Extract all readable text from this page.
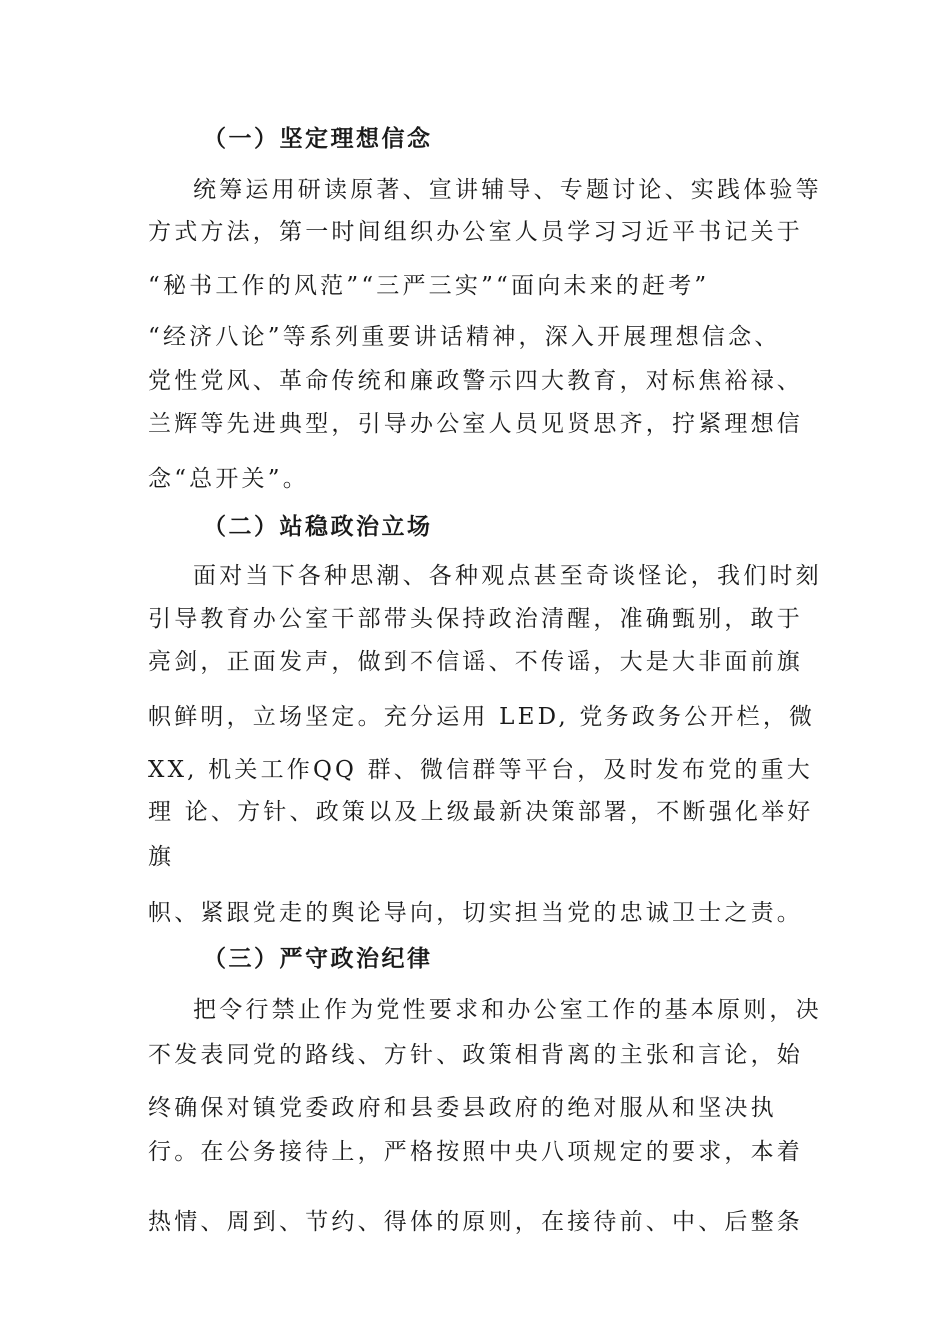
（一）坚定理想信念
统筹运用研读原著、宣讲辅导、专题讨论、实践体验等
方式方法，第一时间组织办公室人员学习习近平书记关于
“秘书工作的风范”“三严三实”“面向未来的赶考”
“经济八论”等系列重要讲话精神，深入开展理想信念、
党性党风、革命传统和廉政警示四大教育，对标焦裕禄、
兰辉等先进典型，引导办公室人员见贤思齐，拧紧理想信
念“总开关”。
（二）站稳政治立场
面对当下各种思潮、各种观点甚至奇谈怪论，我们时刻
引导教育办公室干部带头保持政治清醒，准确甄别，敢于
亮剑，正面发声，做到不信谣、不传谣，大是大非面前旗
帜鲜明，立场坚定。充分运用 LED, 党务政务公开栏，微
XX, 机关工作QQ 群、微信群等平台，及时发布党的重大
理 论、方针、政策以及上级最新决策部署，不断强化举好
旗
帜、紧跟党走的舆论导向，切实担当党的忠诚卫士之责。
（三）严守政治纪律
把令行禁止作为党性要求和办公室工作的基本原则，决
不发表同党的路线、方针、政策相背离的主张和言论，始
终确保对镇党委政府和县委县政府的绝对服从和坚决执
行。在公务接待上，严格按照中央八项规定的要求，本着
热情、周到、节约、得体的原则，在接待前、中、后整条
